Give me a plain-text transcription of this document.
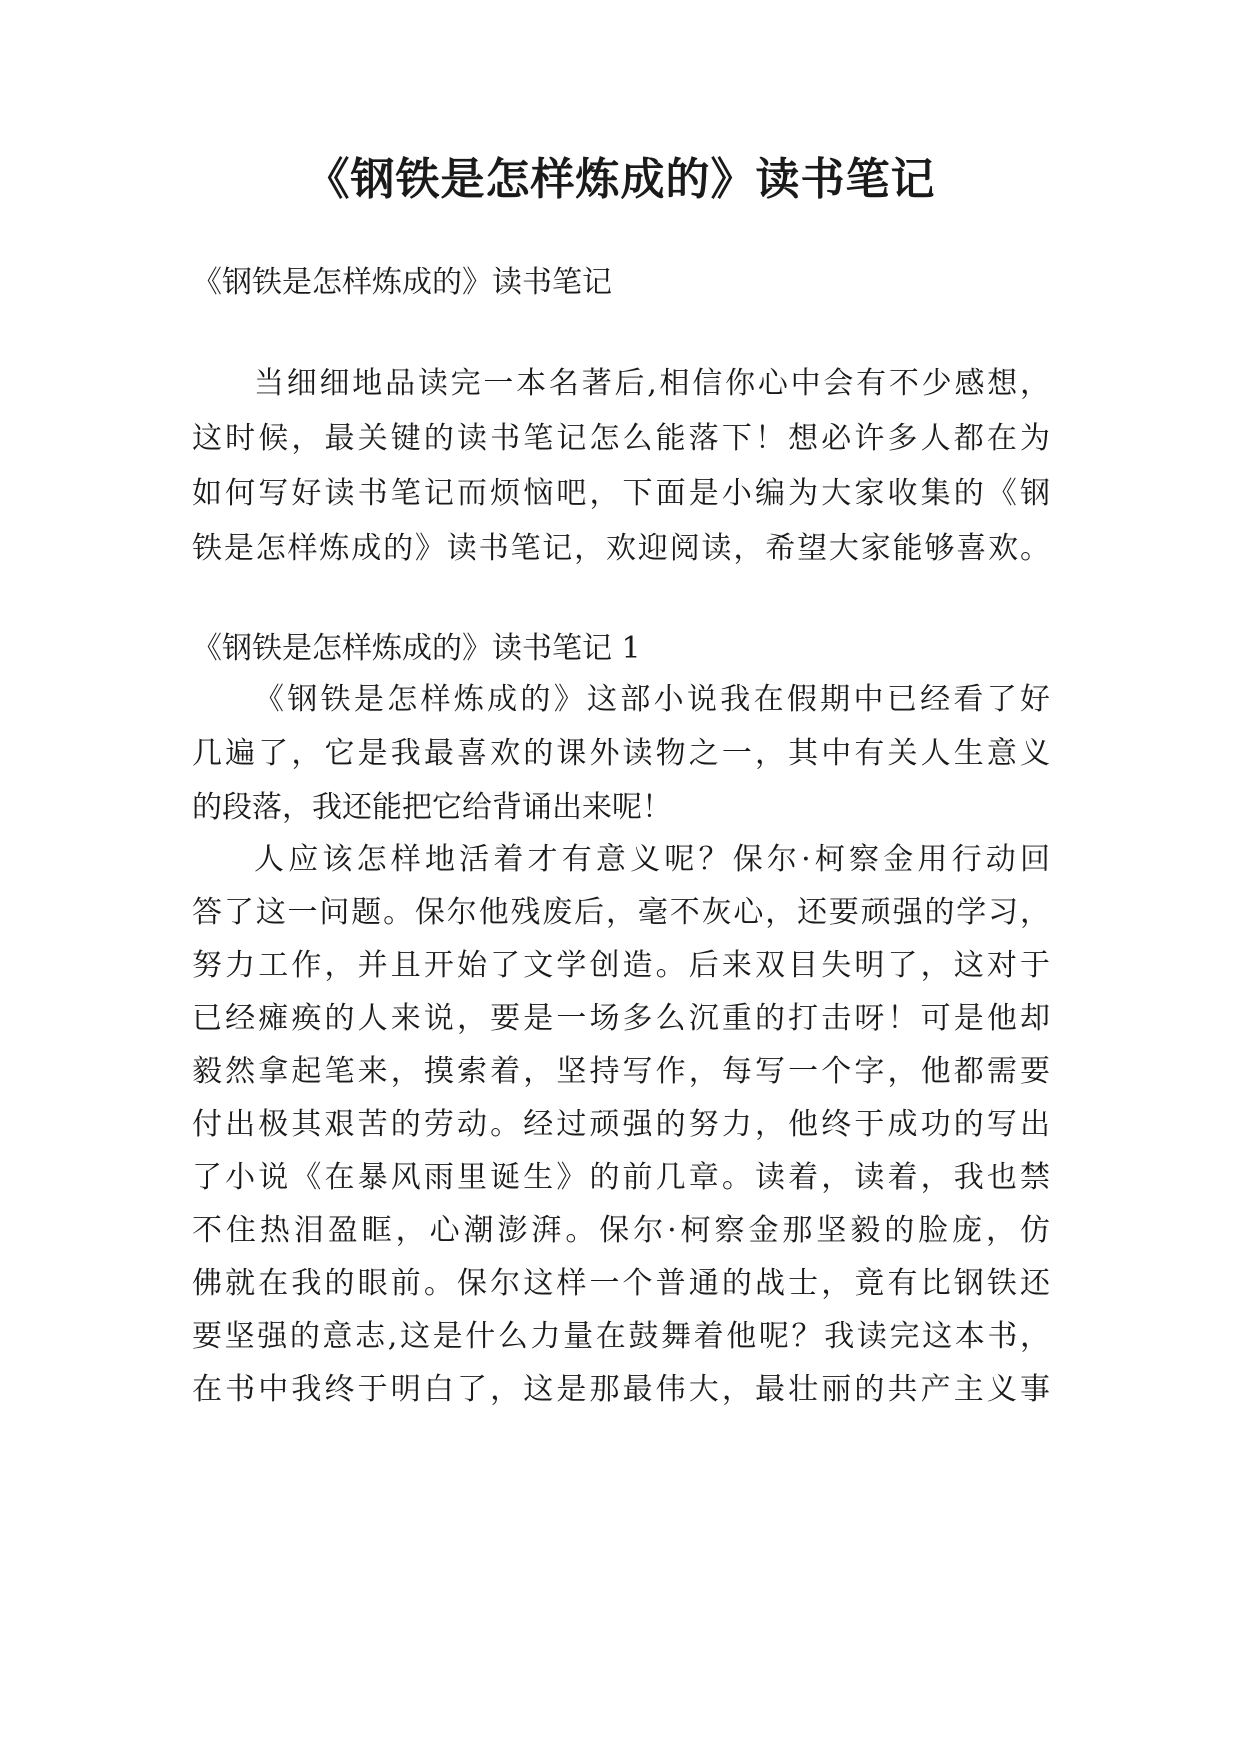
《钢铁是怎样炼成的》读书笔记
《钢铁是怎样炼成的》读书笔记
当细细地品读完一本名著后,相信你心中会有不少感想，
这时候，最关键的读书笔记怎么能落下！想必许多人都在为
如何写好读书笔记而烦恼吧，下面是小编为大家收集的《钢
铁是怎样炼成的》读书笔记，欢迎阅读，希望大家能够喜欢。
《钢铁是怎样炼成的》读书笔记 1
《钢铁是怎样炼成的》这部小说我在假期中已经看了好
几遍了，它是我最喜欢的课外读物之一，其中有关人生意义
的段落，我还能把它给背诵出来呢！
人应该怎样地活着才有意义呢？保尔·柯察金用行动回
答了这一问题。保尔他残废后，毫不灰心，还要顽强的学习，
努力工作，并且开始了文学创造。后来双目失明了，这对于
已经瘫痪的人来说，要是一场多么沉重的打击呀！可是他却
毅然拿起笔来，摸索着，坚持写作，每写一个字，他都需要
付出极其艰苦的劳动。经过顽强的努力，他终于成功的写出
了小说《在暴风雨里诞生》的前几章。读着，读着，我也禁
不住热泪盈眶，心潮澎湃。保尔·柯察金那坚毅的脸庞，仿
佛就在我的眼前。保尔这样一个普通的战士，竟有比钢铁还
要坚强的意志,这是什么力量在鼓舞着他呢？我读完这本书，
在书中我终于明白了，这是那最伟大，最壮丽的共产主义事
